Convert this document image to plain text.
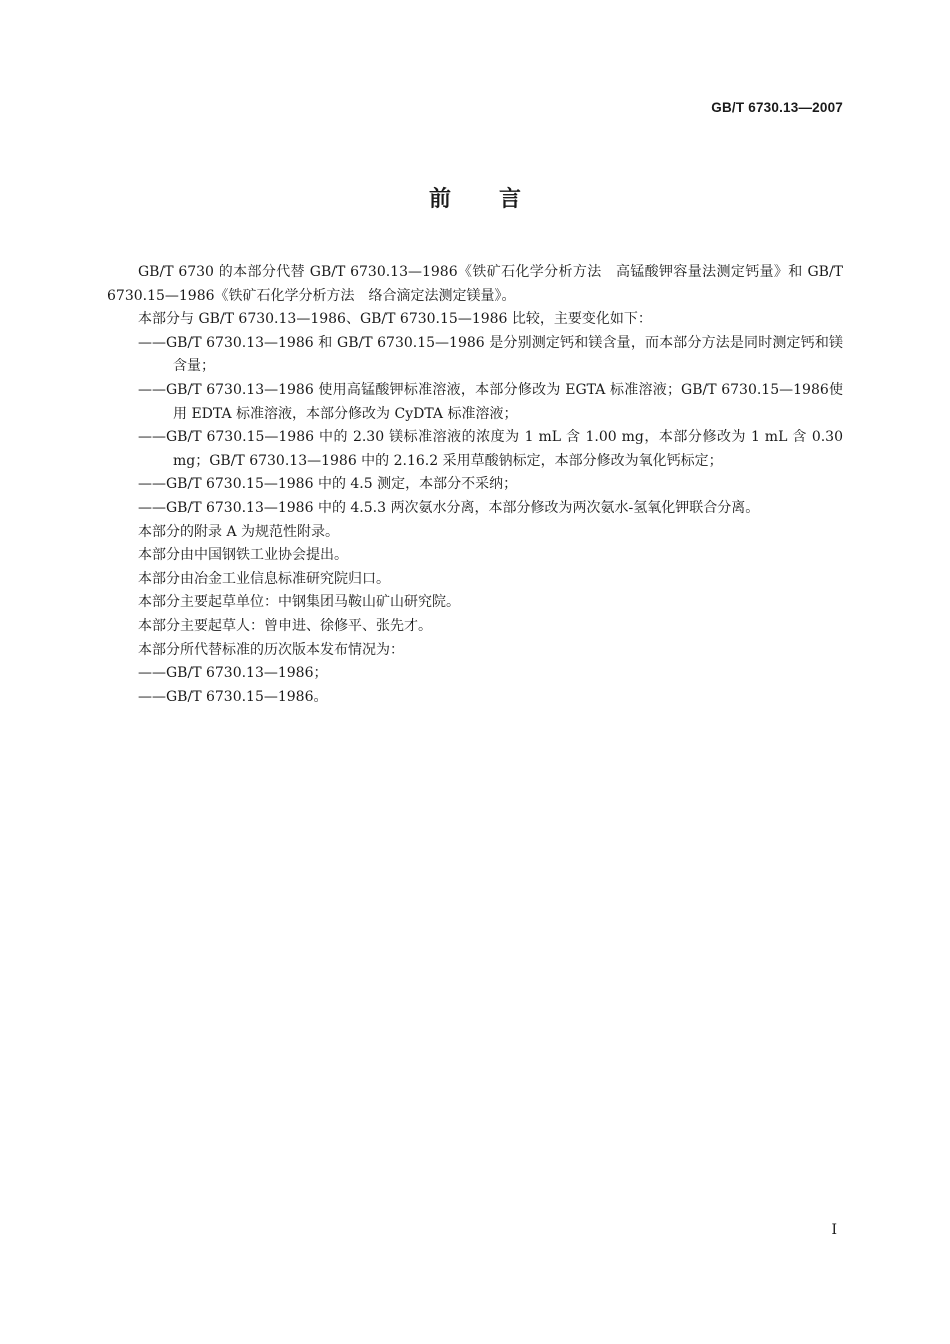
GB/T 6730.13—2007
前言

GB/T 6730 的本部分代替 GB/T 6730.13—1986《铁矿石化学分析方法　高锰酸钾容量法测定钙量》和 GB/T 6730.15—1986《铁矿石化学分析方法　络合滴定法测定镁量》。

本部分与 GB/T 6730.13—1986、GB/T 6730.15—1986 比较，主要变化如下：

——GB/T 6730.13—1986 和 GB/T 6730.15—1986 是分别测定钙和镁含量，而本部分方法是同时测定钙和镁含量；

——GB/T 6730.13—1986 使用高锰酸钾标准溶液，本部分修改为 EGTA 标准溶液；GB/T 6730.15—1986使用 EDTA 标准溶液，本部分修改为 CyDTA 标准溶液；

——GB/T 6730.15—1986 中的 2.30 镁标准溶液的浓度为 1 mL 含 1.00 mg，本部分修改为 1 mL 含 0.30 mg；GB/T 6730.13—1986 中的 2.16.2 采用草酸钠标定，本部分修改为氧化钙标定；

——GB/T 6730.15—1986 中的 4.5 测定，本部分不采纳；

——GB/T 6730.13—1986 中的 4.5.3 两次氨水分离，本部分修改为两次氨水-氢氧化钾联合分离。

本部分的附录 A 为规范性附录。

本部分由中国钢铁工业协会提出。

本部分由冶金工业信息标准研究院归口。

本部分主要起草单位：中钢集团马鞍山矿山研究院。

本部分主要起草人：曾申进、徐修平、张先才。

本部分所代替标准的历次版本发布情况为：

——GB/T 6730.13—1986；

——GB/T 6730.15—1986。

I
